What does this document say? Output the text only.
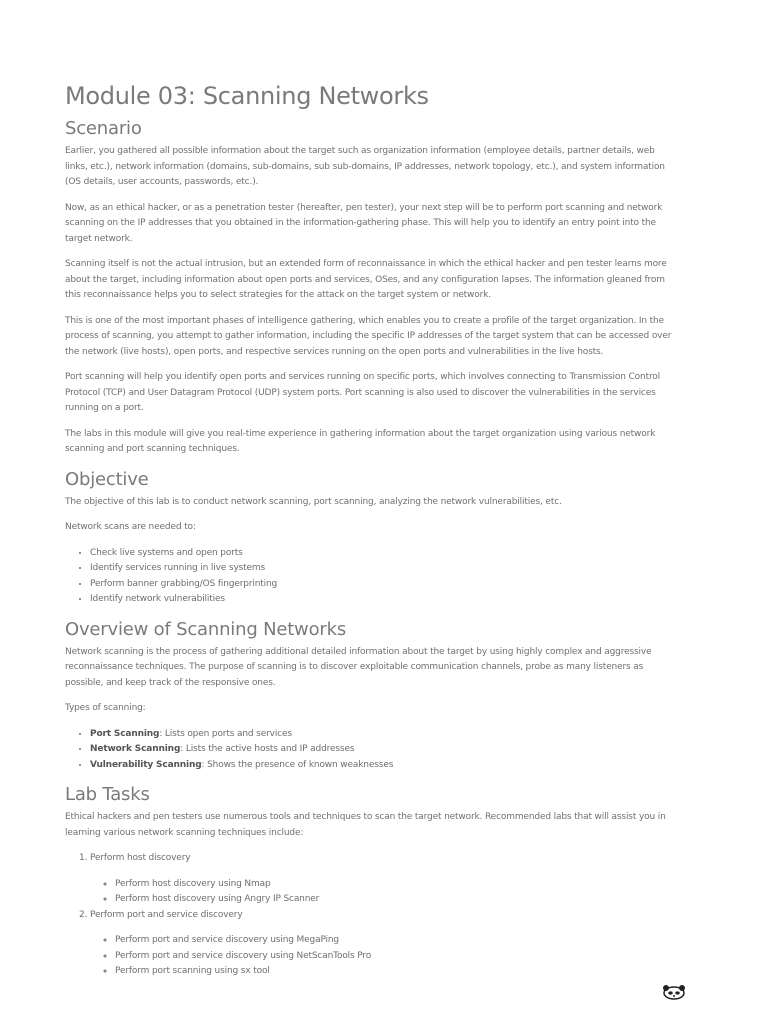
Module 03: Scanning Networks
Scenario

Earlier, you gathered all possible information about the target such as organization information (employee details, partner details, web links, etc.), network information (domains, sub-domains, sub sub-domains, IP addresses, network topology, etc.), and system information (OS details, user accounts, passwords, etc.).

Now, as an ethical hacker, or as a penetration tester (hereafter, pen tester), your next step will be to perform port scanning and network scanning on the IP addresses that you obtained in the information-gathering phase. This will help you to identify an entry point into the target network.

Scanning itself is not the actual intrusion, but an extended form of reconnaissance in which the ethical hacker and pen tester learns more about the target, including information about open ports and services, OSes, and any configuration lapses. The information gleaned from this reconnaissance helps you to select strategies for the attack on the target system or network.

This is one of the most important phases of intelligence gathering, which enables you to create a profile of the target organization. In the process of scanning, you attempt to gather information, including the specific IP addresses of the target system that can be accessed over the network (live hosts), open ports, and respective services running on the open ports and vulnerabilities in the live hosts.

Port scanning will help you identify open ports and services running on specific ports, which involves connecting to Transmission Control Protocol (TCP) and User Datagram Protocol (UDP) system ports. Port scanning is also used to discover the vulnerabilities in the services running on a port.

The labs in this module will give you real-time experience in gathering information about the target organization using various network scanning and port scanning techniques.

Objective

The objective of this lab is to conduct network scanning, port scanning, analyzing the network vulnerabilities, etc.

Network scans are needed to:

• Check live systems and open ports
• Identify services running in live systems
• Perform banner grabbing/OS fingerprinting
• Identify network vulnerabilities
Overview of Scanning Networks

Network scanning is the process of gathering additional detailed information about the target by using highly complex and aggressive reconnaissance techniques. The purpose of scanning is to discover exploitable communication channels, probe as many listeners as possible, and keep track of the responsive ones.

Types of scanning:

• Port Scanning: Lists open ports and services
• Network Scanning: Lists the active hosts and IP addresses
• Vulnerability Scanning: Shows the presence of known weaknesses
Lab Tasks

Ethical hackers and pen testers use numerous tools and techniques to scan the target network. Recommended labs that will assist you in learning various network scanning techniques include:

1. Perform host discovery
◦ Perform host discovery using Nmap
◦ Perform host discovery using Angry IP Scanner
2. Perform port and service discovery
◦ Perform port and service discovery using MegaPing
◦ Perform port and service discovery using NetScanTools Pro
◦ Perform port scanning using sx tool
